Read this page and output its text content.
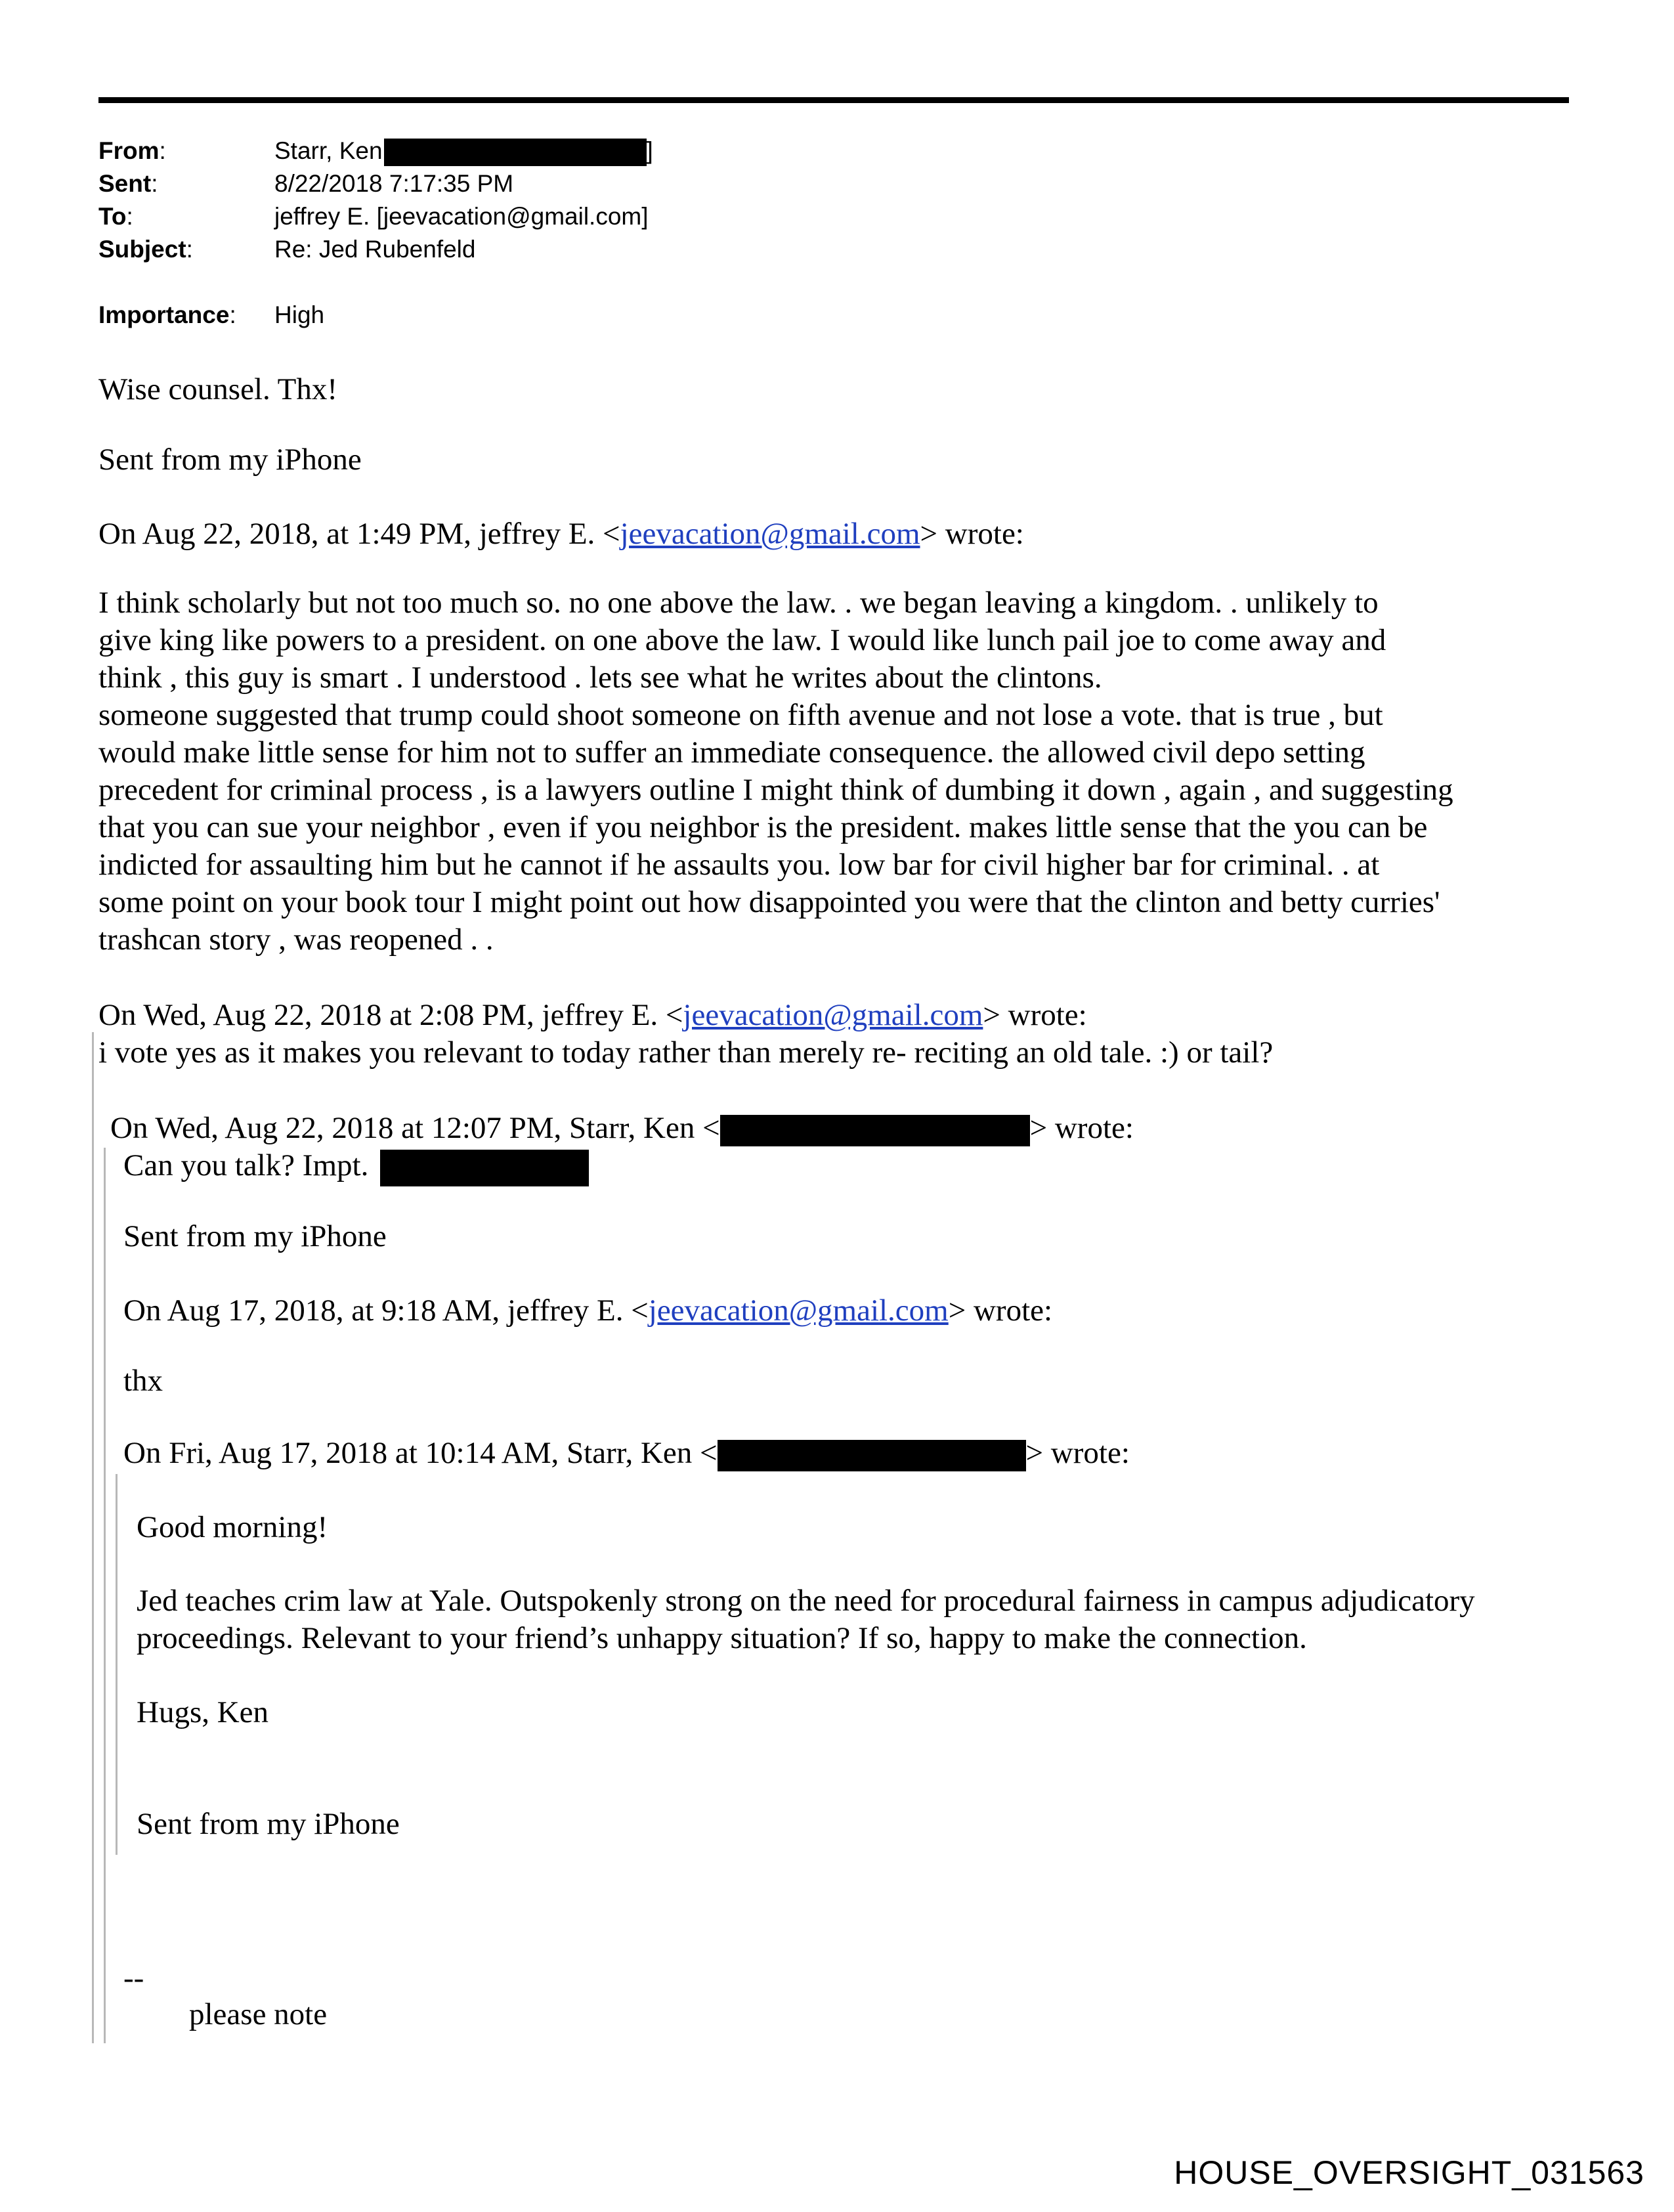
From:	Starr, Ken	]
Sent:	8/22/2018 7:17:35 PM
To:	jeffrey E. [jeevacation@gmail.com]
Subject:	Re: Jed Rubenfeld
Importance: High
Wise counsel. Thx!
Sent from my iPhone
On Aug 22, 2018, at 1:49 PM, jeffrey E. <jeevacation@gmail.com> wrote:
I think scholarly but not too much so. no one above the law. . we began leaving a kingdom. . unlikely to
give king like powers to a president. on one above the law. I would like lunch pail joe to come away and
think , this guy is smart . I understood . lets see what he writes about the clintons.
someone suggested that trump could shoot someone on fifth avenue and not lose a vote. that is true , but
would make little sense for him not to suffer an immediate consequence. the allowed civil depo setting
precedent for criminal process , is a lawyers outline I might think of dumbing it down , again , and suggesting
that you can sue your neighbor , even if you neighbor is the president. makes little sense that the you can be
indicted for assaulting him but he cannot if he assaults you. low bar for civil higher bar for criminal. . at
some point on your book tour I might point out how disappointed you were that the clinton and betty curries'
trashcan story , was reopened . .
On Wed, Aug 22, 2018 at 2:08 PM, jeffrey E. <jeevacation@gmail.com> wrote:
i vote yes as it makes you relevant to today rather than merely re- reciting an old tale. :) or tail?
On Wed, Aug 22, 2018 at 12:07 PM, Starr, Ken <	> wrote:
Can you talk? Impt.
Sent from my iPhone
On Aug 17, 2018, at 9:18 AM, jeffrey E. <jeevacation@gmail.com> wrote:
thx
On Fri, Aug 17, 2018 at 10:14 AM, Starr, Ken <	> wrote:
Good morning!
Jed teaches crim law at Yale. Outspokenly strong on the need for procedural fairness in campus adjudicatory
proceedings. Relevant to your friend’s unhappy situation? If so, happy to make the connection.
Hugs, Ken
Sent from my iPhone
--
please note
HOUSE_OVERSIGHT_031563
